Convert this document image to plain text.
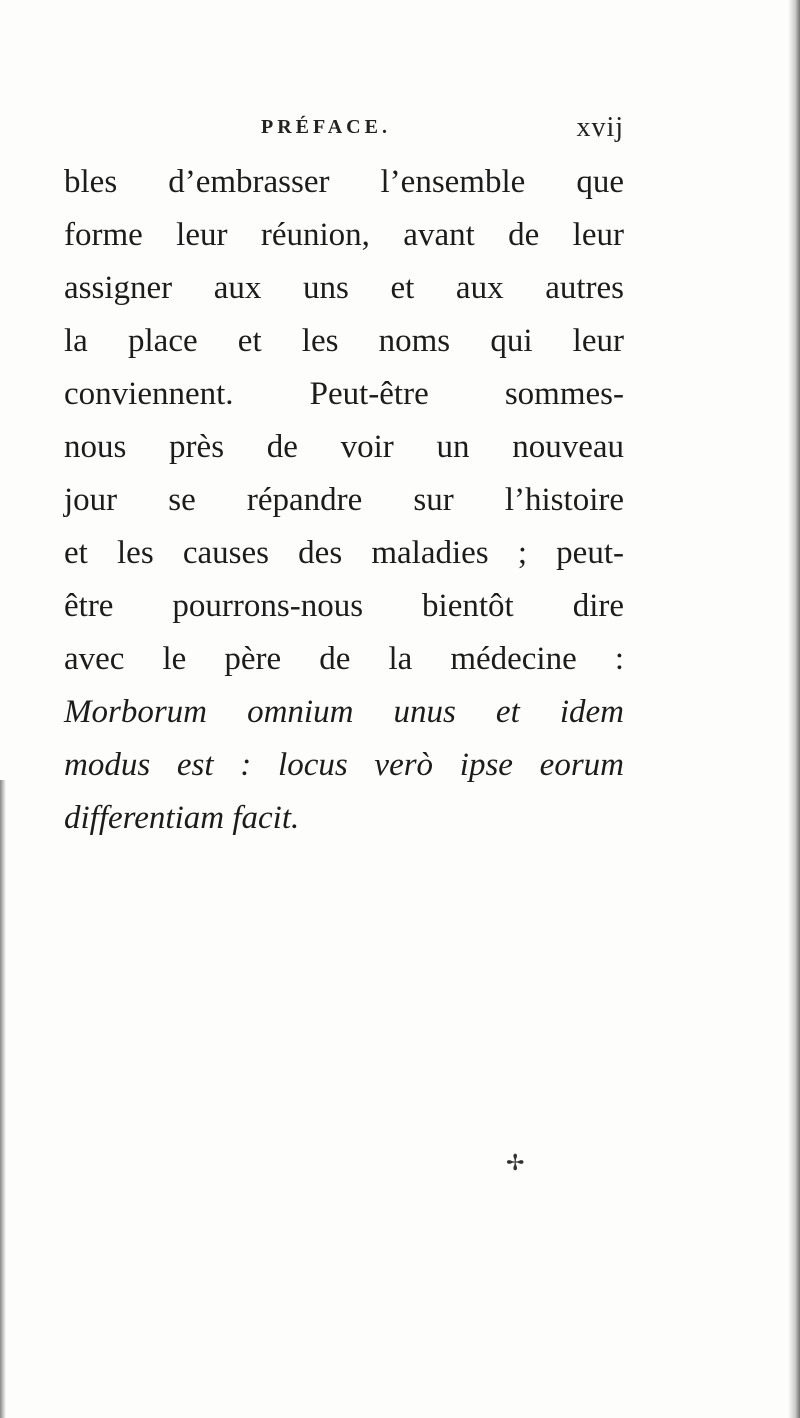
PRÉFACE.	xvij
bles d’embrasser l’ensemble que
forme leur réunion, avant de leur
assigner aux uns et aux autres
la place et les noms qui leur
conviennent. Peut-être sommes-
nous près de voir un nouveau
jour se répandre sur l’histoire
et les causes des maladies ; peut-
être pourrons-nous bientôt dire
avec le père de la médecine :
Morborum omnium unus et idem
modus est : locus verò ipse eorum
differentiam facit.
✢
